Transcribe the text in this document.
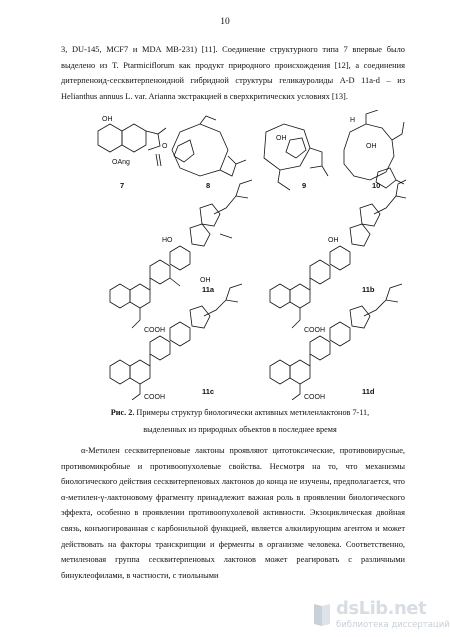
10

3, DU-145, MCF7 и MDA MB-231) [11]. Соединение структурного типа 7 впервые было выделено из T. Ptarmiciflorum как продукт природного происхождения [12], а соединения дитерпеноид-сесквитерпеноидной гибридной структуры геликауролиды A-D 11a-d – из Helianthus annuus L. var. Arianna экстракцией в сверхкритических условиях [13].

OH
O
OAng
OH
H
OH
HO
OH
OH
COOH	COOH
COOH	COOH
7	8	9	10
11a	11b
11c	11d
Рис. 2. Примеры структур биологически активных метиленлактонов 7-11,
выделенных из природных объектов в последнее время

α-Метилен сесквитерпеновые лактоны проявляют цитотоксические, противовирусные, противомикробные и противоопухолевые свойства. Несмотря на то, что механизмы биологического действия сесквитерпеновых лактонов до конца не изучены, предполагается, что α-метилен-γ-лактоновому фрагменту принадлежит важная роль в проявлении биологического эффекта, особенно в проявлении противоопухолевой активности. Экзоциклическая двойная связь, конъюгированная с карбонильной функцией, является алкилирующим агентом и может действовать на факторы транскрипции и ферменты в организме человека. Соответственно, метиленовая группа сесквитерпеновых лактонов может реагировать с различными бинуклеофилами, в частности, с тиольными

dsLib.net
библиотека диссертаций
